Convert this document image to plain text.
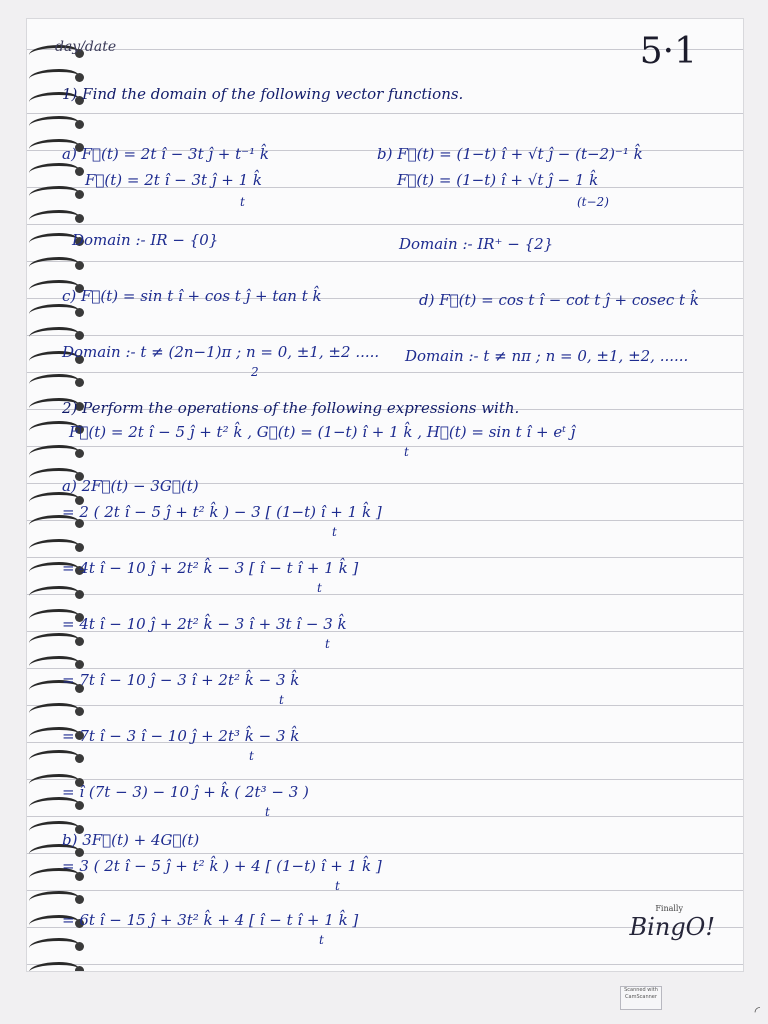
day/date	5·1
1) Find the domain of the following vector functions.
a) F⃗(t) = 2t î − 3t ĵ + t⁻¹ k̂	b) F⃗(t) = (1−t) î + √t ĵ − (t−2)⁻¹ k̂
F⃗(t) = 2t î − 3t ĵ + 1 k̂
t
F⃗(t) = (1−t) î + √t ĵ − 1 k̂
(t−2)
Domain :- IR − {0}	Domain :- IR⁺ − {2}
c) F⃗(t) = sin t î + cos t ĵ + tan t k̂	d) F⃗(t) = cos t î − cot t ĵ + cosec t k̂
Domain :- t ≠ (2n−1)π ; n = 0, ±1, ±2 .....
2
Domain :- t ≠ nπ ; n = 0, ±1, ±2, ......
2) Perform the operations of the following expressions with.
F⃗(t) = 2t î − 5 ĵ + t² k̂ , G⃗(t) = (1−t) î + 1 k̂ , H⃗(t) = sin t î + eᵗ ĵ
t
a) 2F⃗(t) − 3G⃗(t)
= 2 ( 2t î − 5 ĵ + t² k̂ ) − 3 [ (1−t) î + 1 k̂ ]
t
= 4t î − 10 ĵ + 2t² k̂ − 3 [ î − t î + 1 k̂ ]
t
= 4t î − 10 ĵ + 2t² k̂ − 3 î + 3t î − 3 k̂
t
= 7t î − 10 ĵ − 3 î + 2t² k̂ − 3 k̂
t
= 7t î − 3 î − 10 ĵ + 2t³ k̂ − 3 k̂
t
= î (7t − 3) − 10 ĵ + k̂ ( 2t³ − 3 )
t
b) 3F⃗(t) + 4G⃗(t)
= 3 ( 2t î − 5 ĵ + t² k̂ ) + 4 [ (1−t) î + 1 k̂ ]
t
= 6t î − 15 ĵ + 3t² k̂ + 4 [ î − t î + 1 k̂ ]
t
Finally
BingO!
Scanned with CamScanner
◜
